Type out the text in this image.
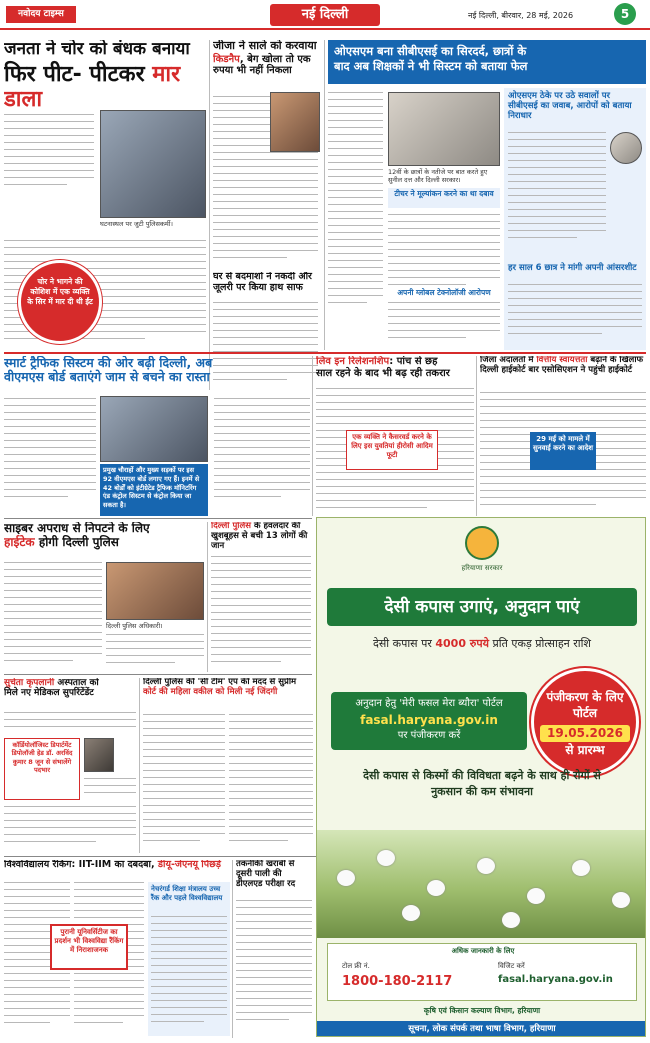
नवोदय टाइम्स	नई दिल्ली	नई दिल्ली, बीरवार, 28 मई, 2026	5
जनता ने चोर को बंधक बनाया
फिर पीट- पीटकर मार डाला
घटनास्थल पर जुटी पुलिसकर्मी।
चोर ने भागने की कोशिश में एक व्यक्ति के सिर में मार दी थी ईंट
जीजा ने साले को करवाया
किडनैप, बेग खोला तो एक रुपया भी नहीं निकला
घर से बदमाशों ने नकदी और
जूलरी पर किया हाथ साफ
ओएसएम बना सीबीएसई का सिरदर्द, छात्रों के
बाद अब शिक्षकों ने भी सिस्टम को बताया फेल
12वीं के छात्रों के नतीजे पर बात करते हुए सुनील दत्त और दिल्ली सरकार।
टीचर ने मूल्यांकन करने का था दबाव
अपनी ग्लोबल टेक्नोलॉजी आरोपण
ओएसएम ठेके पर उठे सवालों पर सीबीएसई का जवाब, आरोपों को बताया निराधार
हर साल 6 छात्र ने मांगी अपनी आंसरशीट
स्मार्ट ट्रैफिक सिस्टम की ओर बढ़ी दिल्ली, अब
वीएमएस बोर्ड बताएंगे जाम से बचने का रास्ता
प्रमुख चौराहों और मुख्य सड़कों पर इस 92 वीएमएस बोर्ड लगाए गए हैं। इनमें से 42 बोर्डों को इंटीग्रेटेड ट्रैफिक मॉनिटरिंग एंड कंट्रोल सिस्टम से कंट्रोल किया जा सकता है।
लिव इन रिलेशनशिप: पांच से छह
साल रहने के बाद भी बढ़ रही तकरार
एक व्यक्ति ने कैसरवर्ड करने के लिए इस युवतियां हीरोसी आदिम फूटी
जिला अदालतों में वित्तीय स्वायत्तता बढ़ाने के खिलाफ
दिल्ली हाईकोर्ट बार एसोसिएशन ने पहुंची हाईकोर्ट
29 मई को मामले में सुनवाई करने का आदेश
साइबर अपराध से निपटने के लिए
हाईटेक होगी दिल्ली पुलिस
दिल्ली पुलिस अधिकारी।
दिल्ली पुलिस के हवलदार की
खुशबूहस से बची 13 लोगों की जान
सुचेता कृपलानी अस्पताल को
मिले नए मेडिकल सुपरिंटेंडेंट
कॉर्डियोलॉजिस्ट डिपार्टमेंट डिपोलॉजी हेड डॉ. अरविंद कुमार 8 जून से संभालेंगे पदभार
दिल्ली पुलिस की 'सी टीम' एप की मदद से सुप्रीम
कोर्ट की महिला वकील को मिली नई जिंदगी
विश्वविद्यालय रैंकिंग: IIT-IIM का दबदबा, डीयू-जेएनयू पिछड़े
पुरानी यूनिवर्सिटीज का प्रदर्शन भी विश्वविद्या रैंकिंग में निराशाजनक
नेचरंगर्ड शिक्षा मंत्रालय उच्च रैंक और पहले विश्वविद्यालय
तकनीकी खराबी से
दूसरी पाली की
डीएलएड परीक्षा रद
हरियाणा सरकार
देसी कपास उगाएं, अनुदान पाएं
देसी कपास पर 4000 रुपये प्रति एकड़ प्रोत्साहन राशि
अनुदान हेतु 'मेरी फसल मेरा ब्यौरा' पोर्टल
fasal.haryana.gov.in
पर पंजीकरण करें
पंजीकरण के लिए पोर्टल
19.05.2026
से प्रारम्भ
देसी कपास से किस्मों की विविधता बढ़ने के साथ ही रोगों से नुकसान की कम संभावना
अधिक जानकारी के लिए
टोल फ्री नं.
1800-180-2117
विजिट करें
fasal.haryana.gov.in
कृषि एवं किसान कल्याण विभाग, हरियाणा
सूचना, लोक संपर्क तथा भाषा विभाग, हरियाणा
